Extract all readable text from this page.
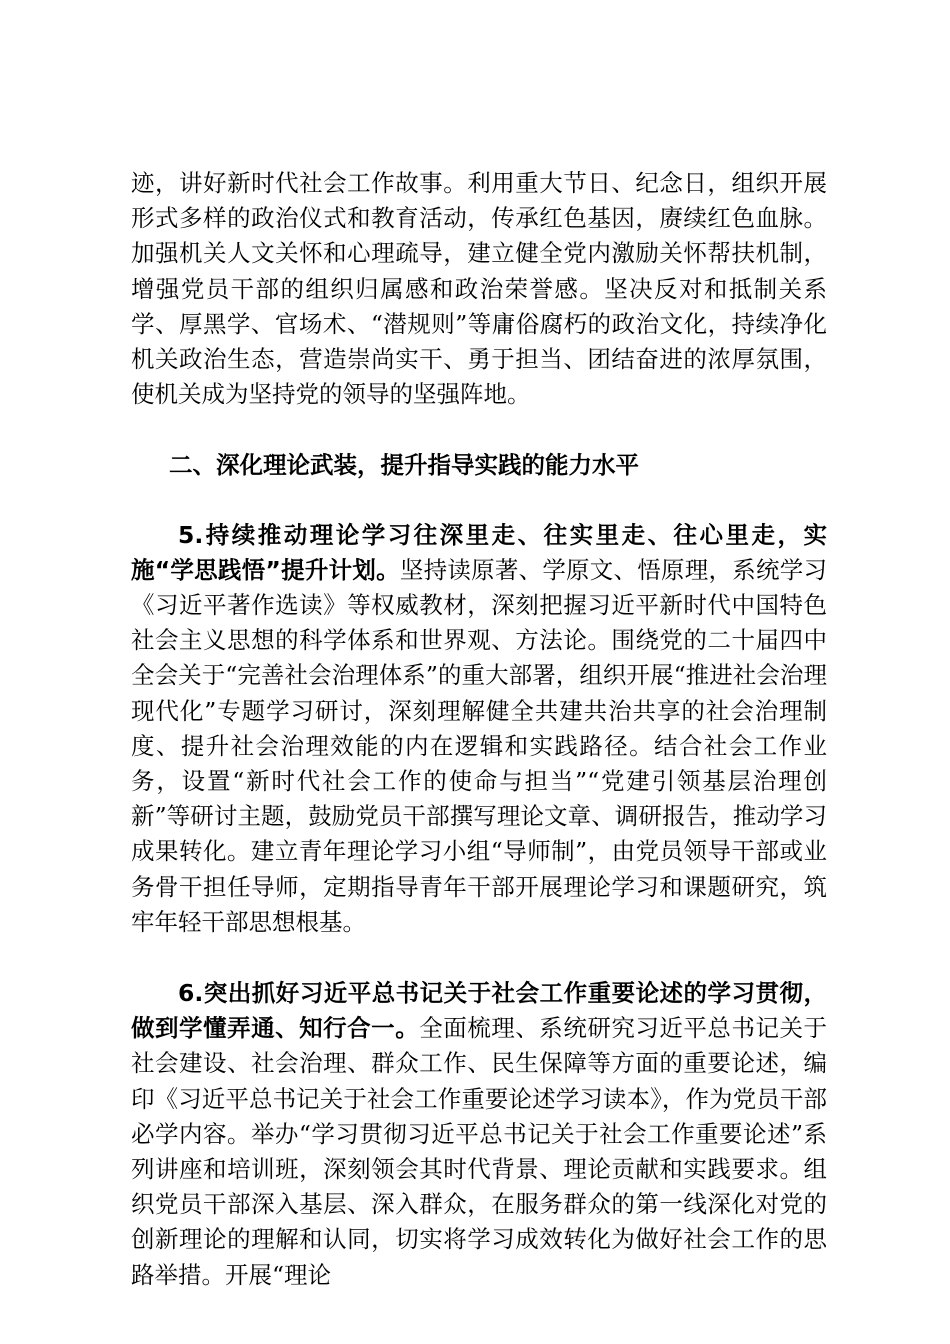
迹，讲好新时代社会工作故事。利用重大节日、纪念日，组织开展形式多样的政治仪式和教育活动，传承红色基因，赓续红色血脉。加强机关人文关怀和心理疏导，建立健全党内激励关怀帮扶机制，增强党员干部的组织归属感和政治荣誉感。坚决反对和抵制关系学、厚黑学、官场术、“潜规则”等庸俗腐朽的政治文化，持续净化机关政治生态，营造崇尚实干、勇于担当、团结奋进的浓厚氛围，使机关成为坚持党的领导的坚强阵地。

二、深化理论武装，提升指导实践的能力水平

5.持续推动理论学习往深里走、往实里走、往心里走，实施“学思践悟”提升计划。坚持读原著、学原文、悟原理，系统学习《习近平著作选读》等权威教材，深刻把握习近平新时代中国特色社会主义思想的科学体系和世界观、方法论。围绕党的二十届四中全会关于“完善社会治理体系”的重大部署，组织开展“推进社会治理现代化”专题学习研讨，深刻理解健全共建共治共享的社会治理制度、提升社会治理效能的内在逻辑和实践路径。结合社会工作业务，设置“新时代社会工作的使命与担当”“党建引领基层治理创新”等研讨主题，鼓励党员干部撰写理论文章、调研报告，推动学习成果转化。建立青年理论学习小组“导师制”，由党员领导干部或业务骨干担任导师，定期指导青年干部开展理论学习和课题研究，筑牢年轻干部思想根基。

6.突出抓好习近平总书记关于社会工作重要论述的学习贯彻，做到学懂弄通、知行合一。全面梳理、系统研究习近平总书记关于社会建设、社会治理、群众工作、民生保障等方面的重要论述，编印《习近平总书记关于社会工作重要论述学习读本》，作为党员干部必学内容。举办“学习贯彻习近平总书记关于社会工作重要论述”系列讲座和培训班，深刻领会其时代背景、理论贡献和实践要求。组织党员干部深入基层、深入群众，在服务群众的第一线深化对党的创新理论的理解和认同，切实将学习成效转化为做好社会工作的思路举措。开展“理论
